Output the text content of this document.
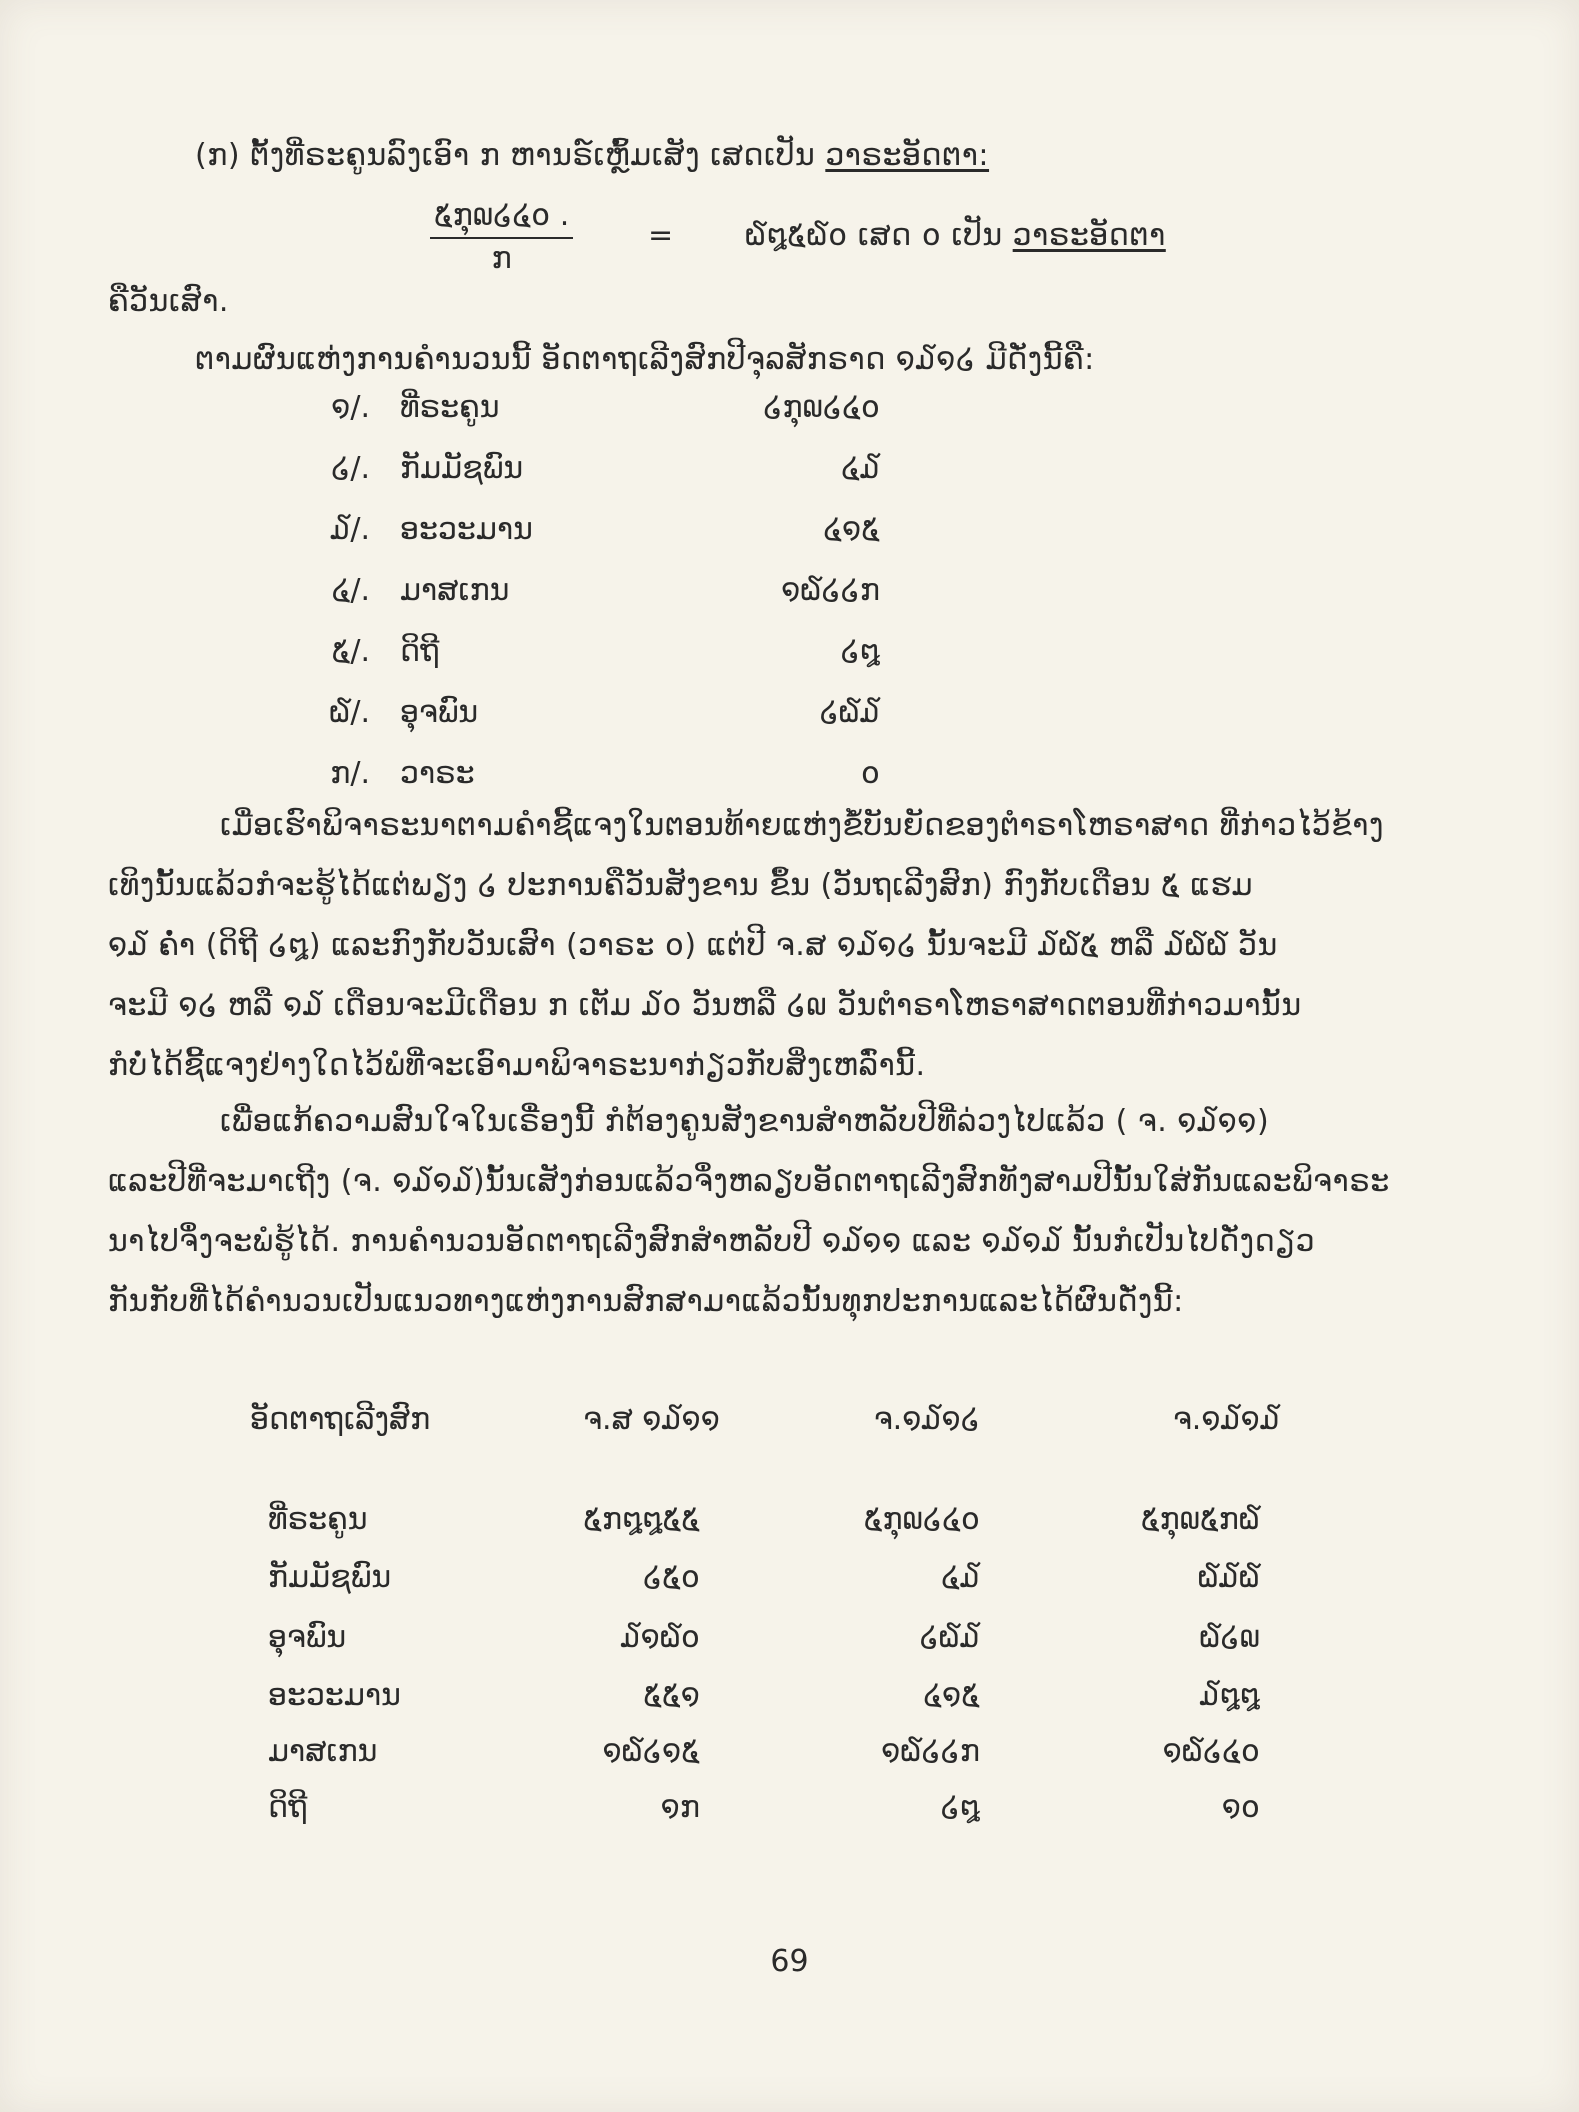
(ກ) ຕັ້ງທີ່ຣະຄູນລົງເອົາ ກ ຫານຣ໌ເຫຼົ້ມເສັງ ເສດເປັນ ວາຣະອັດຕາ:
໕ກຸ໙໒໔໐ .
ກ
= ໖໘໕໖໐ ເສດ ໐ ເປັນ ວາຣະອັດຕາ
ຄືວັນເສົາ.
ຕາມຜົນແຫ່ງການຄຳນວນນີ້ ອັດຕາຖເລີງສົກປີຈຸລສັກຣາດ ໑໓໑໒ ມີດັ່ງນີ້ຄື:
໑/. ທີ່ຣະຄູນ	໒ກຸ໙໒໔໐
໒/. ກັມມັຊພົນ	໔໓
໓/. ອະວະມານ	໔໑໕
໔/. ມາສເກນ	໑໖໒໒ກ
໕/. ດິຖີ	໒໘
໖/. ອຸຈພົນ	໒໖໓
ກ/. ວາຣະ	໐
ເມື່ອເຮົາພິຈາຣະນາຕາມຄຳຊີ້ແຈງໃນຕອນທ້າຍແຫ່ງຂໍ້ບັນຍັດຂອງຕຳຣາໂຫຣາສາດ ທີ່ກ່າວໄວ້ຂ້າງ
ເທິງນັ້ນແລ້ວກໍຈະຮູ້ໄດ້ແຕ່ພຽງ ໒ ປະການຄືວັນສັງຂານ ຂຶ້ນ (ວັນຖເລີງສົກ) ກົງກັບເດືອນ ໕ ແຮມ
໑໓ ຄ່ຳ (ດິຖີ ໒໘) ແລະກົງກັບວັນເສົາ (ວາຣະ ໐) ແຕ່ປີ ຈ.ສ ໑໓໑໒ ນັ້ນຈະມີ ໓໖໕ ຫລື ໓໖໖ ວັນ
ຈະມີ ໑໒ ຫລື ໑໓ ເດືອນຈະມີເດືອນ ກ ເຕັມ ໓໐ ວັນຫລື ໒໙ ວັນຕຳຣາໂຫຣາສາດຕອນທີ່ກ່າວມານັ້ນ
ກໍບໍ່ໄດ້ຊີ້ແຈງຢ່າງໃດໄວ້ພໍທີ່ຈະເອົາມາພິຈາຣະນາກ່ຽວກັບສິ່ງເຫລົ່ານີ້.
ເພື່ອແກ້ຄວາມສົນໃຈໃນເຣື່ອງນີ້ ກໍຕ້ອງຄູນສັງຂານສຳຫລັບປີທີ່ລ່ວງໄປແລ້ວ ( ຈ. ໑໓໑໑)
ແລະປີທີ່ຈະມາເຖີງ (ຈ. ໑໓໑໓)ນັ້ນເສັງກ່ອນແລ້ວຈຶ່ງຫລຽບອັດຕາຖເລີງສົກທັງສາມປີນັ້ນໃສ່ກັນແລະພິຈາຣະ
ນາໄປຈຶ່ງຈະພໍຮູ້ໄດ້. ການຄຳນວນອັດຕາຖເລີງສົກສຳຫລັບປີ ໑໓໑໑ ແລະ ໑໓໑໓ ນັ້ນກໍເປັນໄປດັ່ງດຽວ
ກັນກັບທີ່ໄດ້ຄຳນວນເປັນແນວທາງແຫ່ງການສົກສາມາແລ້ວນັ້ນທຸກປະການແລະໄດ້ຜົນດັ່ງນີ້:
ອັດຕາຖເລີງສົກ	ຈ.ສ ໑໓໑໑	ຈ.໑໓໑໒	ຈ.໑໓໑໓
ທີ່ຣະຄູນ	໕ກ໘໘໕໕	໕ກຸ໙໒໔໐	໕ກຸ໙໕ກ໖
ກັມມັຊພົນ	໒໕໐	໔໓	໖໓໖
ອຸຈພົນ	໓໑໖໐	໒໖໓	໖໒໙
ອະວະມານ	໕໕໑	໔໑໕	໓໘໘
ມາສເກນ	໑໖໒໑໕	໑໖໒໒ກ	໑໖໒໔໐
ດິຖີ	໑ກ	໒໘	໑໐
69
